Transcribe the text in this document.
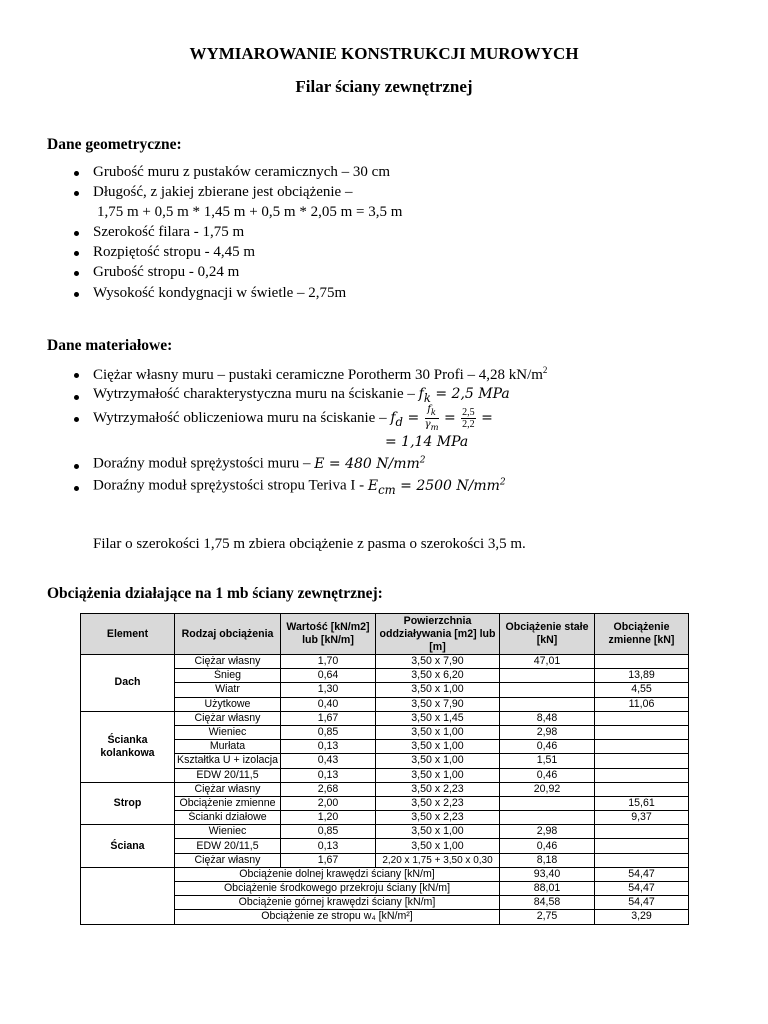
WYMIAROWANIE KONSTRUKCJI MUROWYCH
Filar ściany zewnętrznej
Dane geometryczne:
Grubość muru z pustaków ceramicznych – 30 cm
Długość, z jakiej zbierane jest obciążenie –
1,75 m + 0,5 m * 1,45 m + 0,5 m * 2,05 m = 3,5 m
Szerokość filara - 1,75 m
Rozpiętość stropu - 4,45 m
Grubość stropu - 0,24 m
Wysokość kondygnacji w świetle – 2,75m
Dane materiałowe:
Ciężar własny muru – pustaki ceramiczne Porotherm 30 Profi – 4,28 $kN/m^2$
Wytrzymałość charakterystyczna muru na ściskanie – $f_k = 2,5$ MPa
Wytrzymałość obliczeniowa muru na ściskanie – $f_d = \frac{f_k}{\gamma_m} = \frac{2,5}{2,2}$ =
= 1,14 MPa
Doraźny moduł sprężystości muru – E = 480 $N/mm^2$
Doraźny moduł sprężystości stropu Teriva $I - E_{cm} = 2500$ $N/mm^2$
Filar o szerokości 1,75 m zbiera obciążenie z pasma o szerokości 3,5 m.
Obciążenia działające na 1 mb ściany zewnętrznej:
Element	Rodzaj obciążenia	Wartość [kN/m2] lub [kN/m]	Powierzchnia oddziaływania [m2] lub [m]	Obciążenie stałe [kN]	Obciążenie zmienne [kN]
Dach	Ciężar własny	1,70	3,50 x 7,90	47,01	
	Śnieg	0,64	3,50 x 6,20		13,89
	Wiatr	1,30	3,50 x 1,00		4,55
	Użytkowe	0,40	3,50 x 7,90		11,06
Ścianka kolankowa	Ciężar własny	1,67	3,50 x 1,45	8,48	
	Wieniec	0,85	3,50 x 1,00	2,98	
	Murłata	0,13	3,50 x 1,00	0,46	
	Kształtka U + izolacja	0,43	3,50 x 1,00	1,51	
	EDW 20/11,5	0,13	3,50 x 1,00	0,46	
Strop	Ciężar własny	2,68	3,50 x 2,23	20,92	
	Obciążenie zmienne	2,00	3,50 x 2,23		15,61
	Ścianki działowe	1,20	3,50 x 2,23		9,37
Ściana	Wieniec	0,85	3,50 x 1,00	2,98	
	EDW 20/11,5	0,13	3,50 x 1,00	0,46	
	Ciężar własny	1,67	2,20 x 1,75 + 3,50 x 0,30	8,18	
	Obciążenie dolnej krawędzi ściany [kN/m]			93,40	54,47
	Obciążenie środkowego przekroju ściany [kN/m]			88,01	54,47
	Obciążenie górnej krawędzi ściany [kN/m]			84,58	54,47
	Obciążenie ze stropu w₄ [kN/m²]			2,75	3,29
